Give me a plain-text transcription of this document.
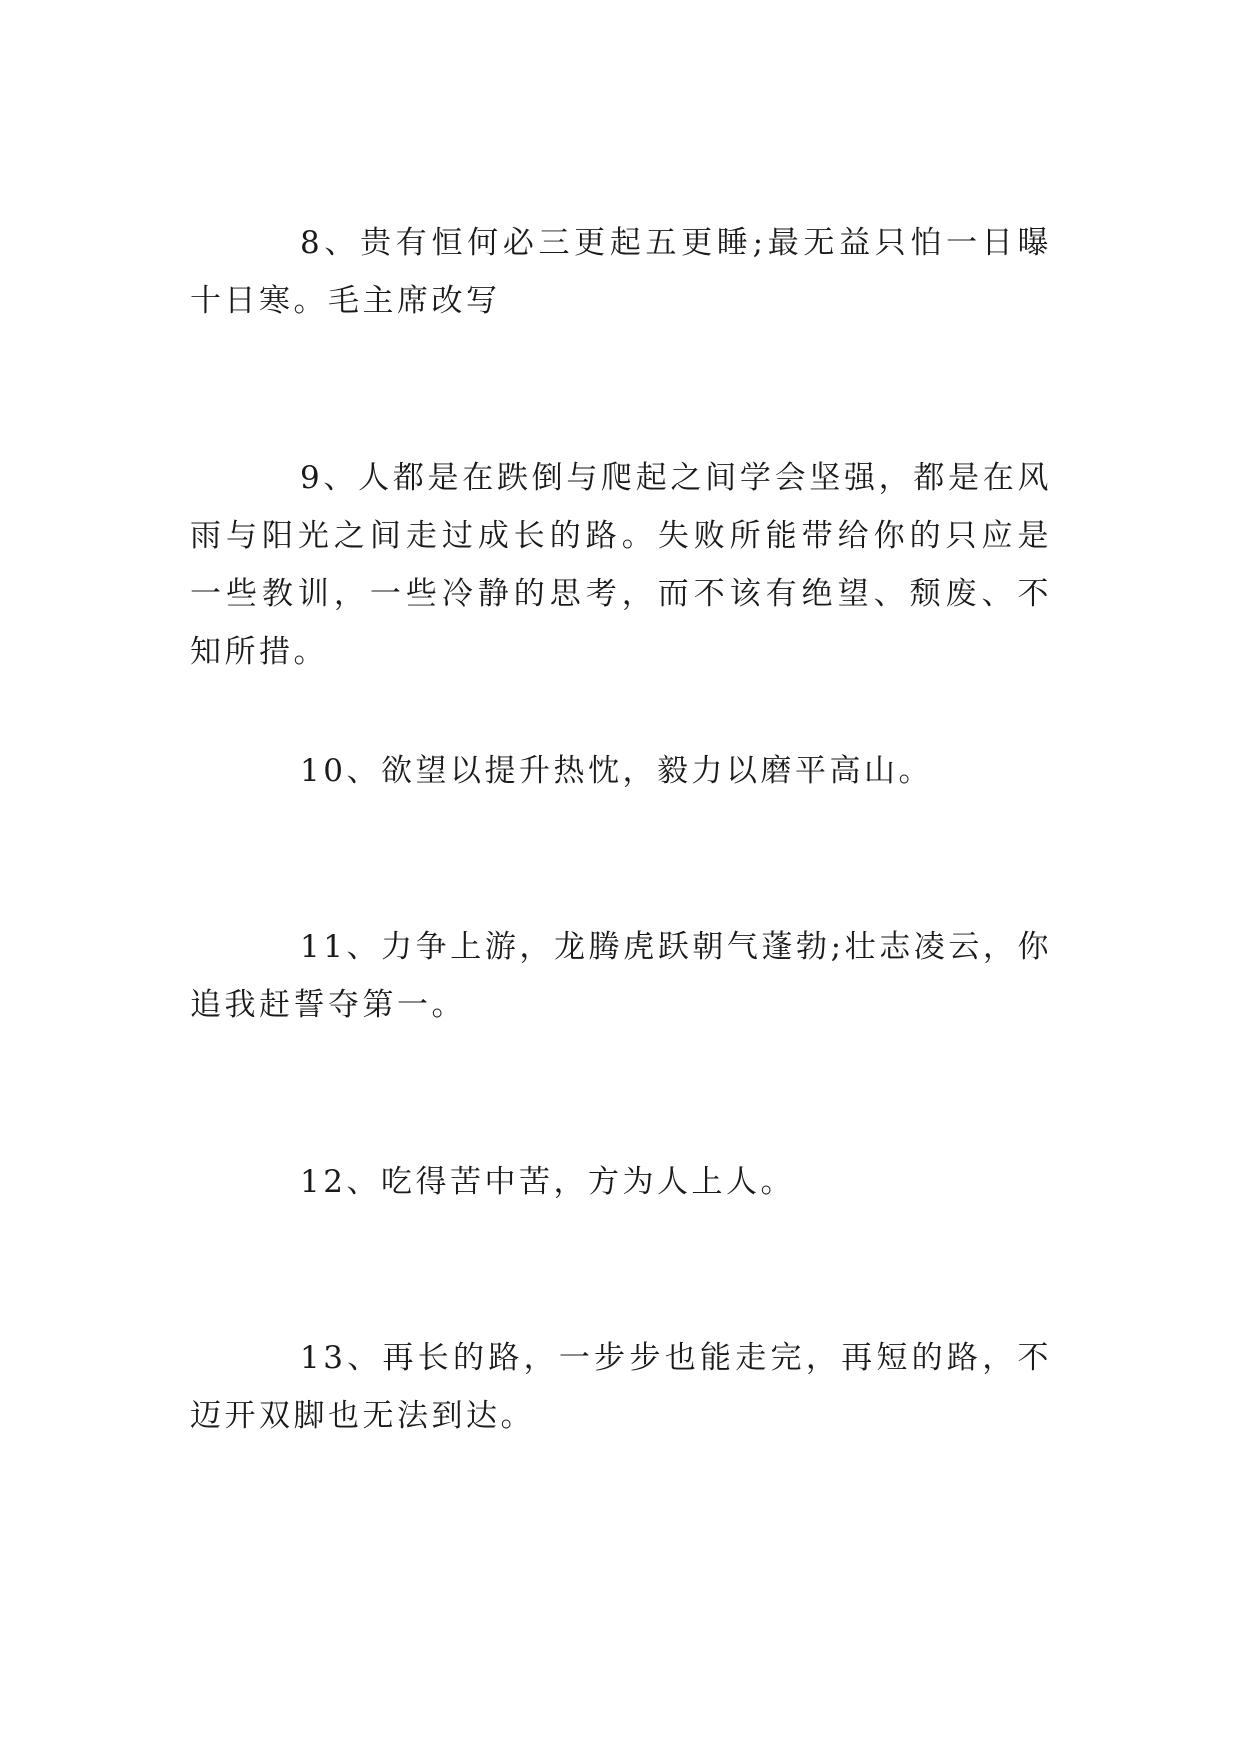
8、贵有恒何必三更起五更睡;最无益只怕一日曝十日寒。毛主席改写

9、人都是在跌倒与爬起之间学会坚强，都是在风雨与阳光之间走过成长的路。失败所能带给你的只应是一些教训，一些冷静的思考，而不该有绝望、颓废、不知所措。

10、欲望以提升热忱，毅力以磨平高山。

11、力争上游，龙腾虎跃朝气蓬勃;壮志凌云，你追我赶誓夺第一。

12、吃得苦中苦，方为人上人。

13、再长的路，一步步也能走完，再短的路，不迈开双脚也无法到达。
